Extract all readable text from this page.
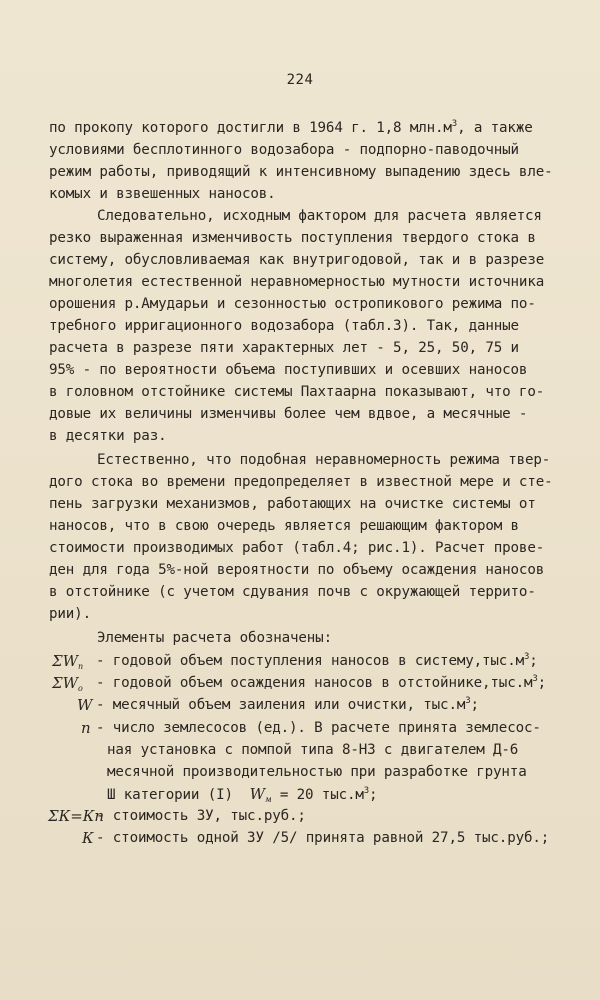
224
по прокопу которого достигли в 1964 г. 1,8 $млн.м^3$, а также
условиями бесплотинного водозабора - подпорно-паводочный
режим работы, приводящий к интенсивному выпадению здесь вле-
комых и взвешенных наносов.
Следовательно, исходным фактором для расчета является
резко выраженная изменчивость поступления твердого стока в
систему, обусловливаемая как внутригодовой, так и в разрезе
многолетия естественной неравномерностью мутности источника
орошения р.Амударьи и сезонностью остропикового режима по-
требного ирригационного водозабора (табл.3). Так, данные
расчета в разрезе пяти характерных лет - 5, 25, 50, 75 и
95% - по вероятности объема поступивших и осевших наносов
в головном отстойнике системы Пахтаарна показывают, что го-
довые их величины изменчивы более чем вдвое, а месячные -
в десятки раз.
Естественно, что подобная неравномерность режима твер-
дого стока во времени предопределяет в известной мере и сте-
пень загрузки механизмов, работающих на очистке системы от
наносов, что в свою очередь является решающим фактором в
стоимости производимых работ (табл.4; рис.1). Расчет прове-
ден для года 5%-ной вероятности по объему осаждения наносов
в отстойнике (с учетом сдувания почв с окружающей террито-
рии).
Элементы расчета обозначены:
$\Sigma W_п$ - годовой объем поступления наносов в $систему,тыс.м^3$;
$\Sigma W_о$ - годовой объем осаждения наносов в $отстойнике,тыс.м^3$;
W - месячный объем заиления или очистки, $тыс.м^3$;
n - число землесосов (ед.). В расчете принята землесос-
ная установка с помпой типа 8-НЗ с двигателем Д-6
месячной производительностью при разработке грунта
Ш категории (I) $W_м = 20$ $тыс.м^3$;
ΣК=Кn
- стоимость ЗУ, тыс.руб.;
К - стоимость одной ЗУ /5/ принята равной 27,5 тыс.руб.;
